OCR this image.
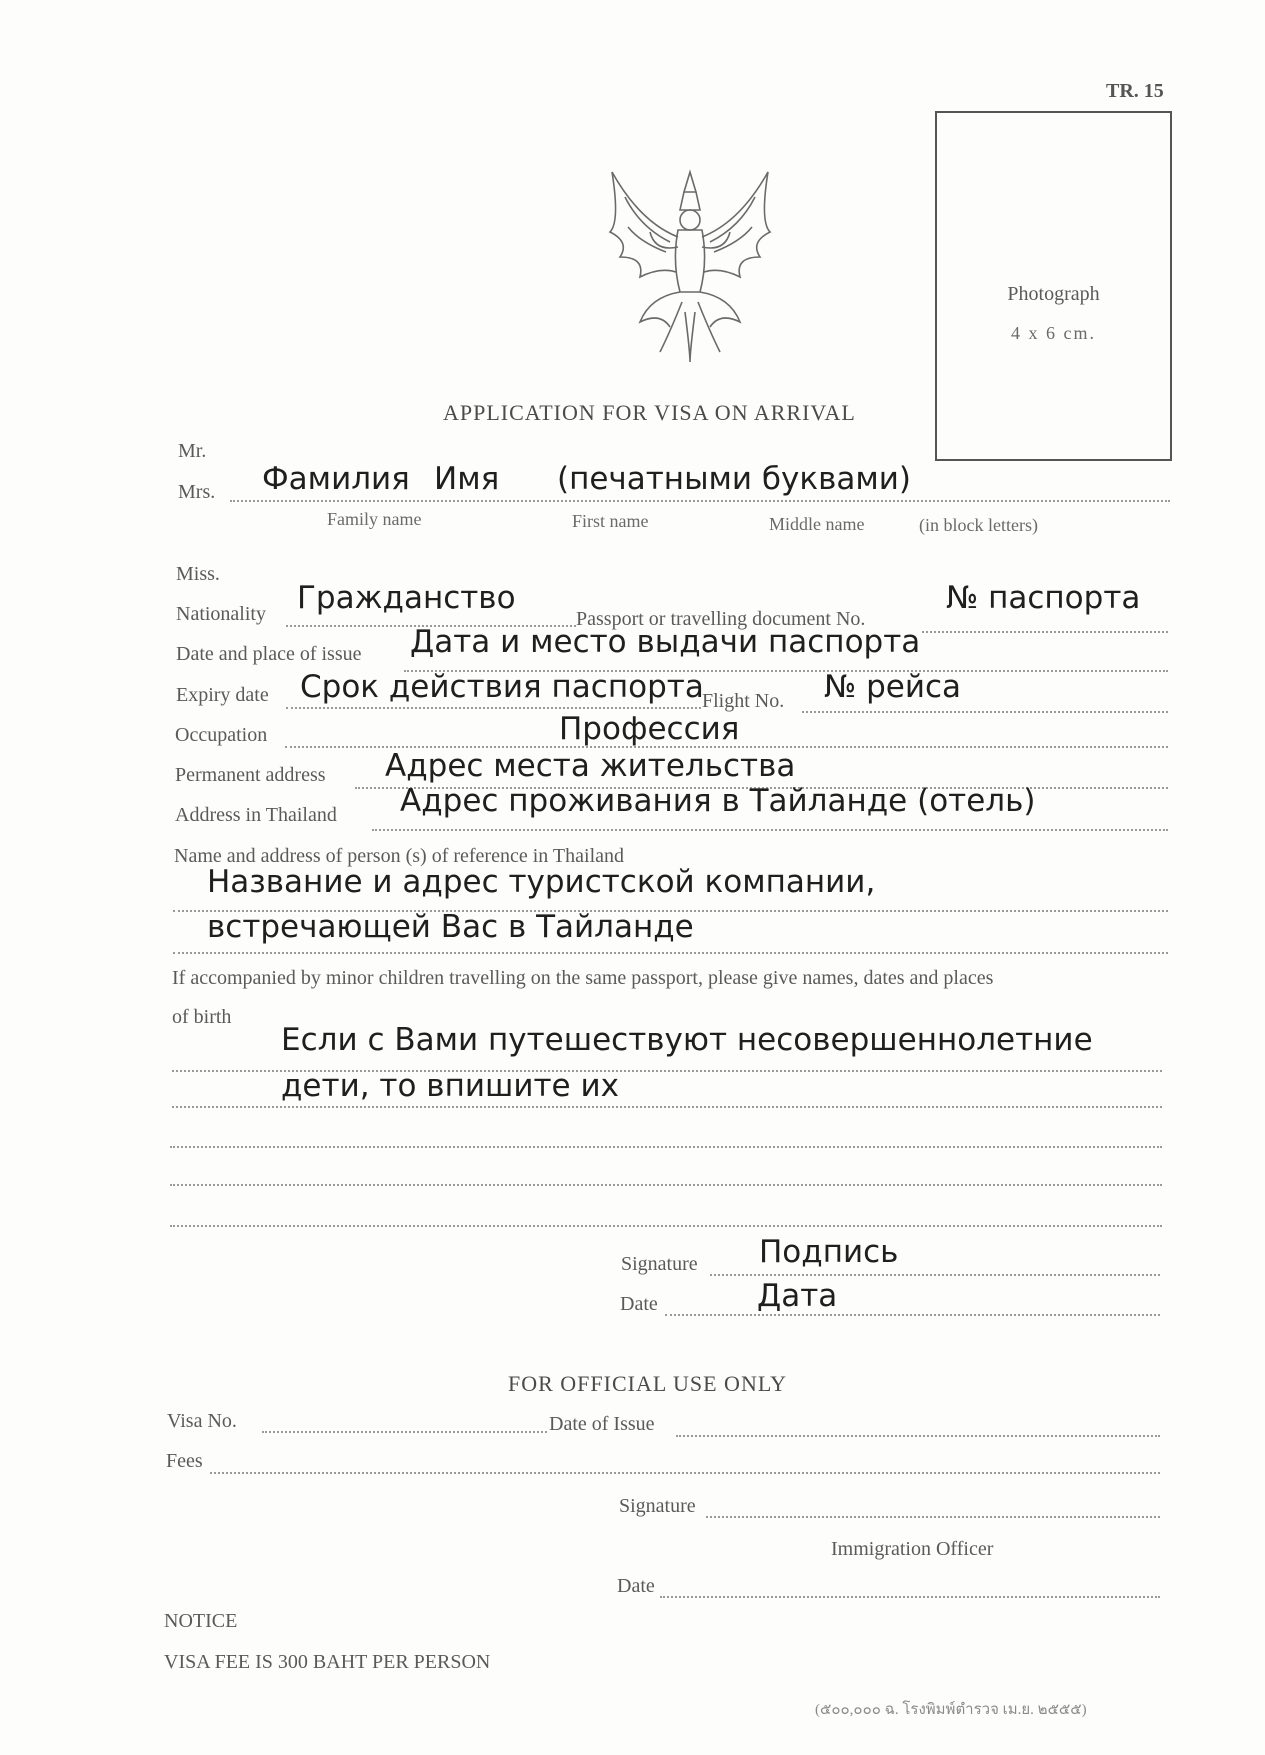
TR. 15
Photograph
4 x 6 cm.
APPLICATION FOR VISA ON ARRIVAL
Mr.
Mrs. Фамилия Имя (печатными буквами)
Family name	First name	Middle name	(in block letters)
Miss.
Nationality Гражданство
Passport or travelling document No.
№ паспорта
Date and place of issue Дата и место выдачи паспорта
Expiry date Срок действия паспорта
Flight No. № рейса
Occupation	Профессия
Permanent address Адрес места жительства
Address in Thailand Адрес проживания в Тайланде (отель)
Name and address of person (s) of reference in Thailand
Название и адрес туристской компании,
встречающей Вас в Тайланде
If accompanied by minor children travelling on the same passport, please give names, dates and places
of birth
Если с Вами путешествуют несовершеннолетние
дети, то впишите их
Signature Подпись
Date	Дата
FOR OFFICIAL USE ONLY
Visa No.	Date of Issue
Fees
Signature
Immigration Officer
Date
NOTICE
VISA FEE IS 300 BAHT PER PERSON
(๕๐๐,๐๐๐ ฉ. โรงพิมพ์ตำรวจ เม.ย. ๒๕๕๕)
